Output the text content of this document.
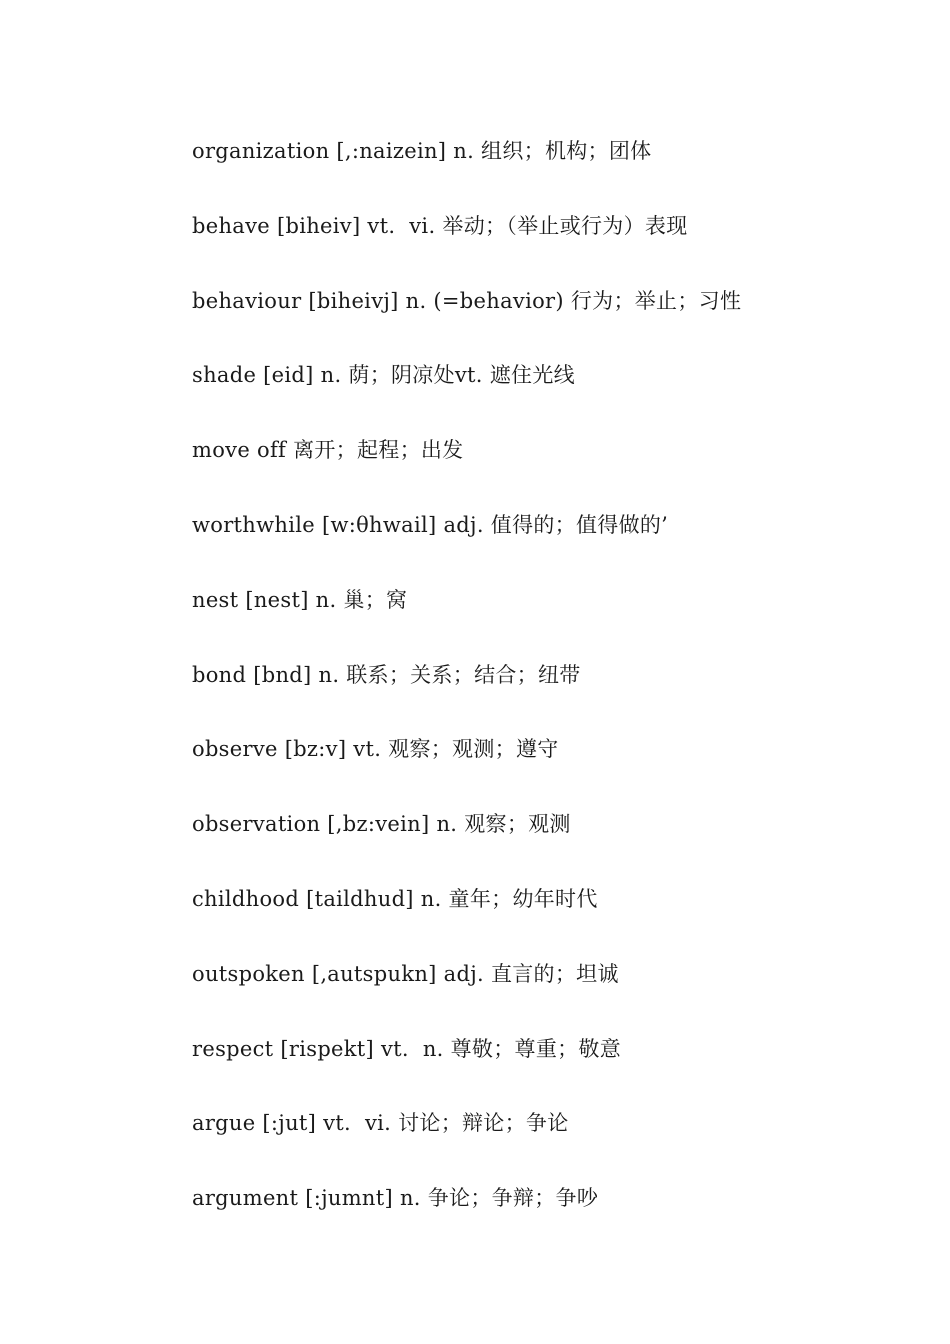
organization [,:naizein] n. 组织；机构；团体
behave [biheiv] vt.  vi. 举动；（举止或行为）表现
behaviour [biheivj] n. (=behavior) 行为；举止；习性
shade [eid] n. 荫；阴凉处vt. 遮住光线
move off 离开；起程；出发
worthwhile [w:θhwail] adj. 值得的；值得做的’
nest [nest] n. 巢；窝
bond [bnd] n. 联系；关系；结合；纽带
observe [bz:v] vt. 观察；观测；遵守
observation [,bz:vein] n. 观察；观测
childhood [taildhud] n. 童年；幼年时代
outspoken [,autspukn] adj. 直言的；坦诚
respect [rispekt] vt.  n. 尊敬；尊重；敬意
argue [:jut] vt.  vi. 讨论；辩论；争论
argument [:jumnt] n. 争论；争辩；争吵
